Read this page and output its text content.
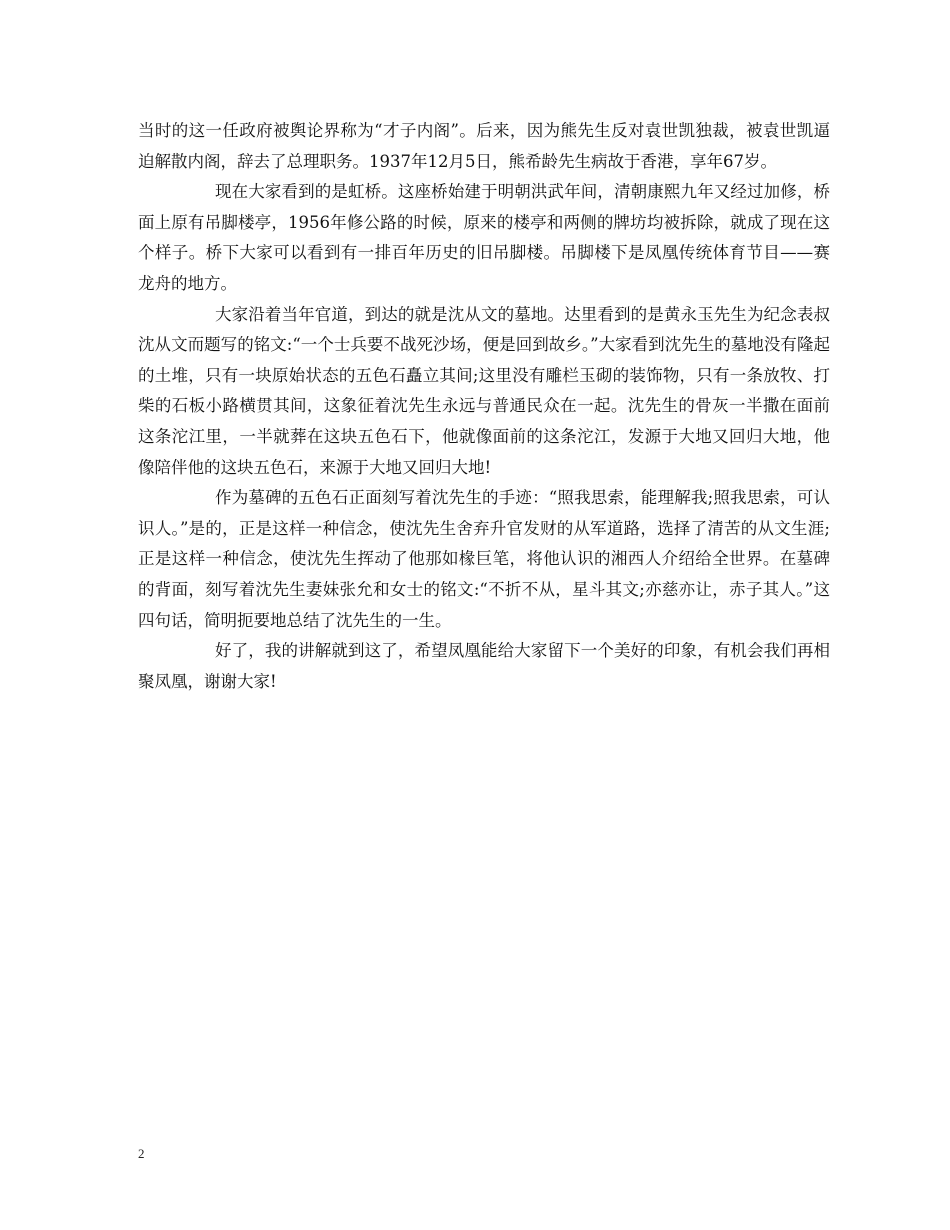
当时的这一任政府被舆论界称为“才子内阁”。后来，因为熊先生反对袁世凯独裁，被袁世凯逼迫解散内阁，辞去了总理职务。1937年12月5日，熊希龄先生病故于香港，享年67岁。

现在大家看到的是虹桥。这座桥始建于明朝洪武年间，清朝康熙九年又经过加修，桥面上原有吊脚楼亭，1956年修公路的时候，原来的楼亭和两侧的牌坊均被拆除，就成了现在这个样子。桥下大家可以看到有一排百年历史的旧吊脚楼。吊脚楼下是凤凰传统体育节目——赛龙舟的地方。

大家沿着当年官道，到达的就是沈从文的墓地。达里看到的是黄永玉先生为纪念表叔沈从文而题写的铭文:“一个士兵要不战死沙场，便是回到故乡。”大家看到沈先生的墓地没有隆起的土堆，只有一块原始状态的五色石矗立其间;这里没有雕栏玉砌的装饰物，只有一条放牧、打柴的石板小路横贯其间，这象征着沈先生永远与普通民众在一起。沈先生的骨灰一半撒在面前这条沱江里，一半就葬在这块五色石下，他就像面前的这条沱江，发源于大地又回归大地，他像陪伴他的这块五色石，来源于大地又回归大地!

作为墓碑的五色石正面刻写着沈先生的手迹：“照我思索，能理解我;照我思索，可认识人。”是的，正是这样一种信念，使沈先生舍弃升官发财的从军道路，选择了清苦的从文生涯;正是这样一种信念，使沈先生挥动了他那如椽巨笔，将他认识的湘西人介绍给全世界。在墓碑的背面，刻写着沈先生妻妹张允和女士的铭文:“不折不从，星斗其文;亦慈亦让，赤子其人。”这四句话，简明扼要地总结了沈先生的一生。

好了，我的讲解就到这了，希望凤凰能给大家留下一个美好的印象，有机会我们再相聚凤凰，谢谢大家!

2
